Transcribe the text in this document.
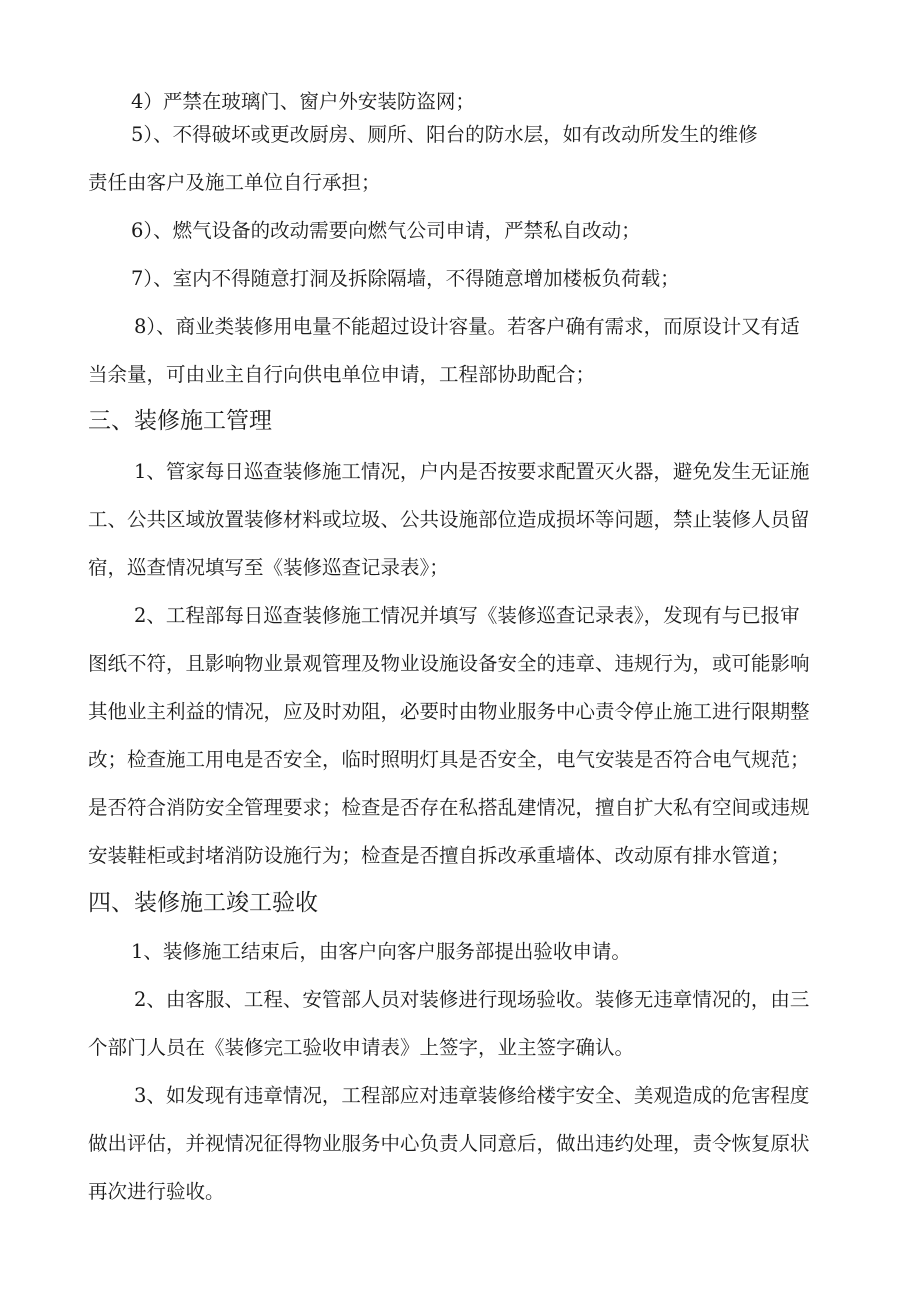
4）严禁在玻璃门、窗户外安装防盗网；
5）、不得破坏或更改厨房、厕所、阳台的防水层，如有改动所发生的维修
责任由客户及施工单位自行承担；
6）、燃气设备的改动需要向燃气公司申请，严禁私自改动；
7）、室内不得随意打洞及拆除隔墙，不得随意增加楼板负荷载；
8）、商业类装修用电量不能超过设计容量。若客户确有需求，而原设计又有适
当余量，可由业主自行向供电单位申请，工程部协助配合；
三、装修施工管理
1、管家每日巡查装修施工情况，户内是否按要求配置灭火器，避免发生无证施
工、公共区域放置装修材料或垃圾、公共设施部位造成损坏等问题，禁止装修人员留
宿，巡查情况填写至《装修巡查记录表》；
2、工程部每日巡查装修施工情况并填写《装修巡查记录表》，发现有与已报审
图纸不符，且影响物业景观管理及物业设施设备安全的违章、违规行为，或可能影响
其他业主利益的情况，应及时劝阻，必要时由物业服务中心责令停止施工进行限期整
改；检查施工用电是否安全，临时照明灯具是否安全，电气安装是否符合电气规范；
是否符合消防安全管理要求；检查是否存在私搭乱建情况，擅自扩大私有空间或违规
安装鞋柜或封堵消防设施行为；检查是否擅自拆改承重墙体、改动原有排水管道；
四、装修施工竣工验收
1、装修施工结束后，由客户向客户服务部提出验收申请。
2、由客服、工程、安管部人员对装修进行现场验收。装修无违章情况的，由三
个部门人员在《装修完工验收申请表》上签字，业主签字确认。
3、如发现有违章情况，工程部应对违章装修给楼宇安全、美观造成的危害程度
做出评估，并视情况征得物业服务中心负责人同意后，做出违约处理，责令恢复原状
再次进行验收。
